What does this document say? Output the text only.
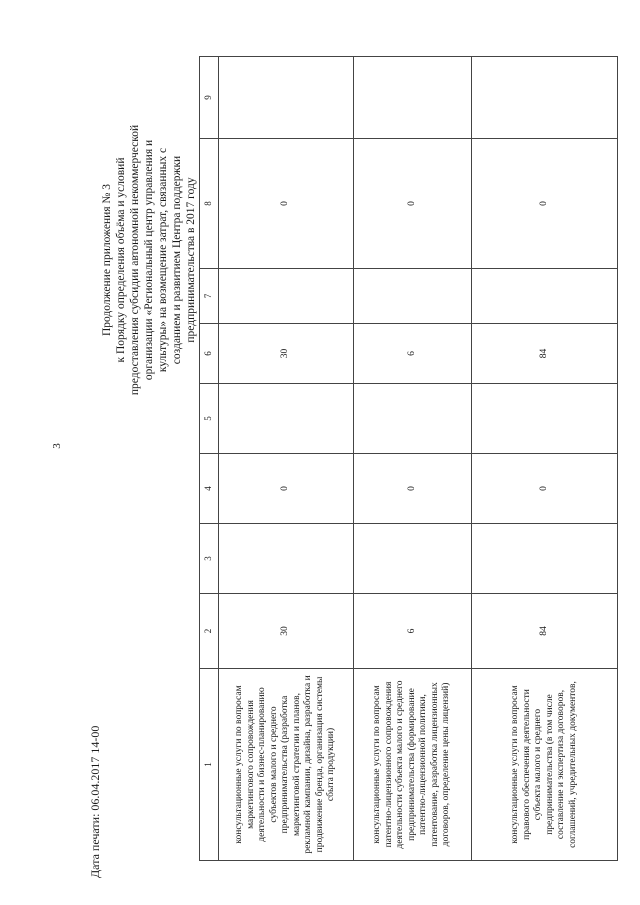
3
Продолжение приложения № 3 к Порядку определения объёма и условий предоставления субсидии автономной некоммерческой организации «Региональный центр управления и культуры» на возмещение затрат, связанных с созданием и развитием Центра поддержки предпринимательства в 2017 году
1	2	3	4	5	6	7	8	9
консультационные услуги по вопросам маркетингового сопровождения деятельности и бизнес-планированию субъектов малого и среднего предпринимательства (разработка маркетинговой стратегии и планов, рекламной кампании, дизайна, разработка и продвижение бренда, организация системы сбыта продукции)	30		0		30		0	
консультационные услуги по вопросам патентно-лицензионного сопровождения деятельности субъекта малого и среднего предпринимательства (формирование патентно-лицензионной политики, патентование, разработка лицензионных договоров, определение цены лицензий)	6		0		6		0	
консультационные услуги по вопросам правового обеспечения деятельности субъекта малого и среднего предпринимательства (в том числе составление и экспертиза договоров, соглашений, учредительных документов,	84		0		84		0	
Дата печати: 06.04.2017 14-00
